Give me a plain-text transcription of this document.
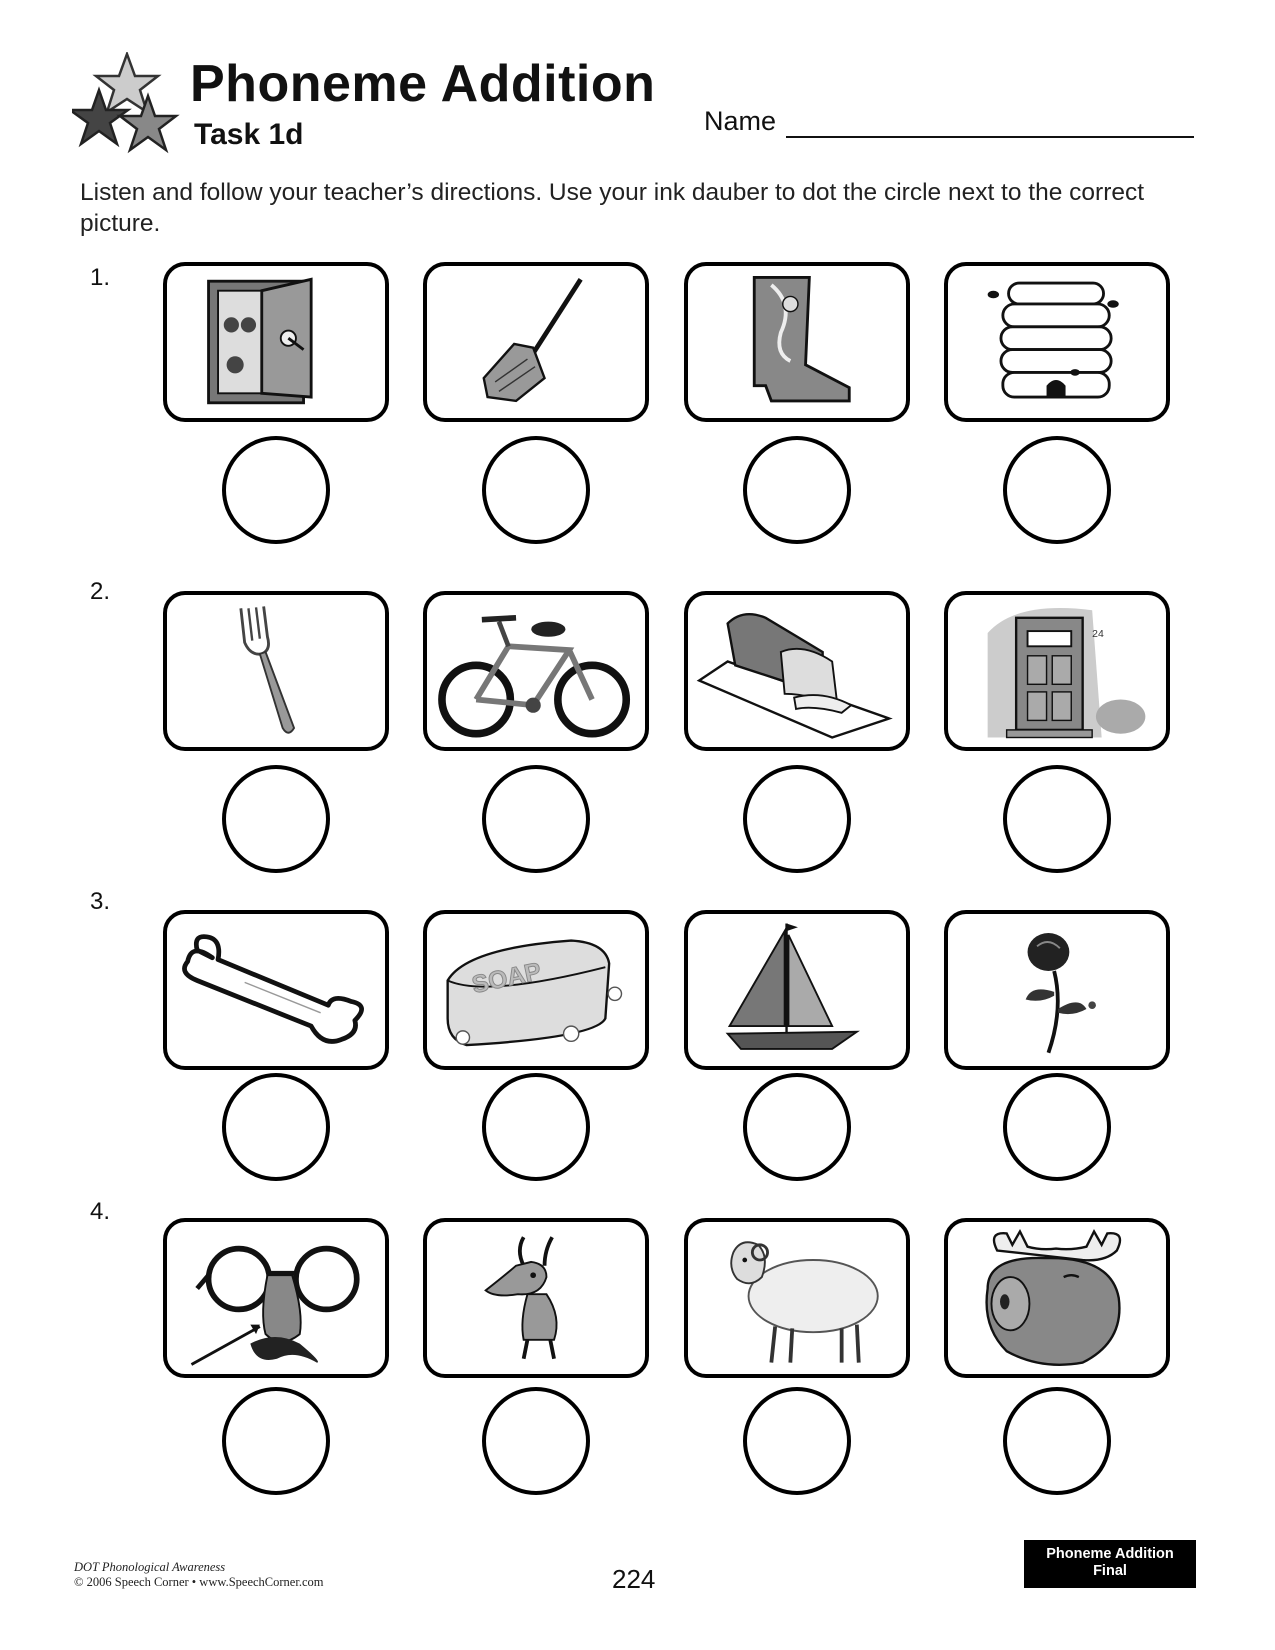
Phoneme Addition
Task 1d	Name
Listen and follow your teacher’s directions. Use your ink dauber to dot the circle next to the correct picture.
1.
2.
3.
4.
24
SOAP
DOT Phonological Awareness
© 2006 Speech Corner • www.SpeechCorner.com	224
Phoneme Addition
Final
